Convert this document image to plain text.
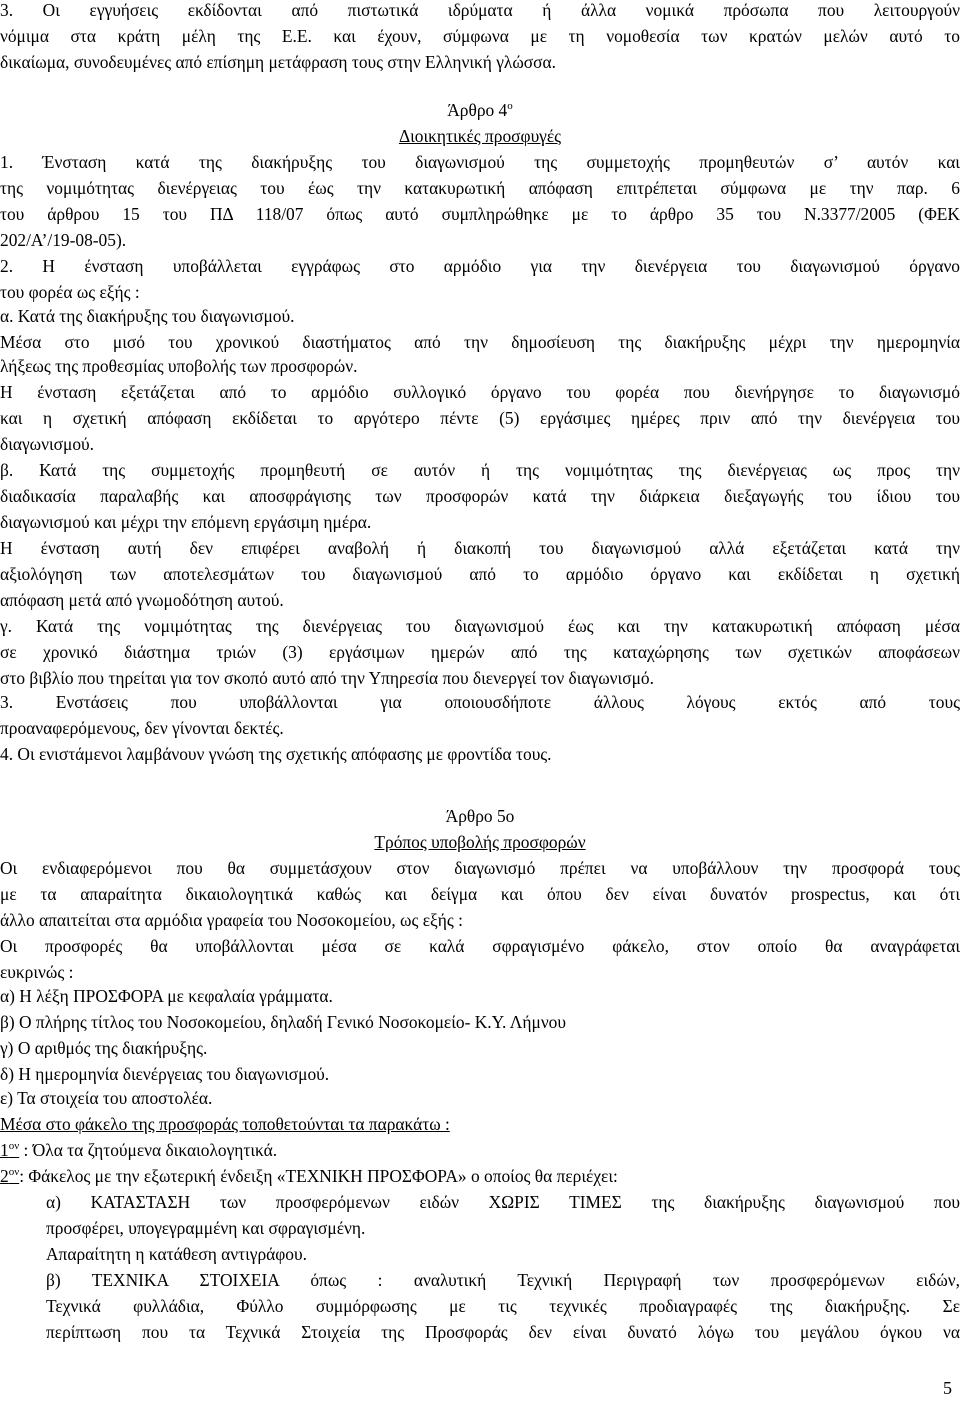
3. Οι εγγυήσεις εκδίδονται από πιστωτικά ιδρύματα ή άλλα νομικά πρόσωπα που λειτουργούν
νόμιμα στα κράτη μέλη της Ε.Ε. και έχουν, σύμφωνα με τη νομοθεσία των κρατών μελών αυτό το
δικαίωμα, συνοδευμένες από επίσημη μετάφραση τους στην Ελληνική γλώσσα.
Άρθρο $4^o$
Διοικητικές προσφυγές
1. Ένσταση κατά της διακήρυξης του διαγωνισμού της συμμετοχής προμηθευτών σ’ αυτόν και
της νομιμότητας διενέργειας του έως την κατακυρωτική απόφαση επιτρέπεται σύμφωνα με την παρ. 6
του άρθρου 15 του ΠΔ 118/07 όπως αυτό συμπληρώθηκε με το άρθρο 35 του Ν.3377/2005 (ΦΕΚ
202/Α’/19-08-05).
2. Η ένσταση υποβάλλεται εγγράφως στο αρμόδιο για την διενέργεια του διαγωνισμού όργανο
του φορέα ως εξής :
α. Κατά της διακήρυξης του διαγωνισμού.
Μέσα στο μισό του χρονικού διαστήματος από την δημοσίευση της διακήρυξης μέχρι την ημερομηνία
λήξεως της προθεσμίας υποβολής των προσφορών.
Η ένσταση εξετάζεται από το αρμόδιο συλλογικό όργανο του φορέα που διενήργησε το διαγωνισμό
και η σχετική απόφαση εκδίδεται το αργότερο πέντε (5) εργάσιμες ημέρες πριν από την διενέργεια του
διαγωνισμού.
β. Κατά της συμμετοχής προμηθευτή σε αυτόν ή της νομιμότητας της διενέργειας ως προς την
διαδικασία παραλαβής και αποσφράγισης των προσφορών κατά την διάρκεια διεξαγωγής του ίδιου του
διαγωνισμού και μέχρι την επόμενη εργάσιμη ημέρα.
Η ένσταση αυτή δεν επιφέρει αναβολή ή διακοπή του διαγωνισμού αλλά εξετάζεται κατά την
αξιολόγηση των αποτελεσμάτων του διαγωνισμού από το αρμόδιο όργανο και εκδίδεται η σχετική
απόφαση μετά από γνωμοδότηση αυτού.
γ. Κατά της νομιμότητας της διενέργειας του διαγωνισμού έως και την κατακυρωτική απόφαση μέσα
σε χρονικό διάστημα τριών (3) εργάσιμων ημερών από της καταχώρησης των σχετικών αποφάσεων
στο βιβλίο που τηρείται για τον σκοπό αυτό από την Υπηρεσία που διενεργεί τον διαγωνισμό.
3. Ενστάσεις που υποβάλλονται για οποιουσδήποτε άλλους λόγους εκτός από τους
προαναφερόμενους, δεν γίνονται δεκτές.
4. Οι ενιστάμενοι λαμβάνουν γνώση της σχετικής απόφασης με φροντίδα τους.
Άρθρο 5ο
Τρόπος υποβολής προσφορών
Οι ενδιαφερόμενοι που θα συμμετάσχουν στον διαγωνισμό πρέπει να υποβάλλουν την προσφορά τους
με τα απαραίτητα δικαιολογητικά καθώς και δείγμα και όπου δεν είναι δυνατόν prospectus, και ότι
άλλο απαιτείται στα αρμόδια γραφεία του Νοσοκομείου, ως εξής :
Οι προσφορές θα υποβάλλονται μέσα σε καλά σφραγισμένο φάκελο, στον οποίο θα αναγράφεται
ευκρινώς :
α) Η λέξη ΠΡΟΣΦΟΡΑ με κεφαλαία γράμματα.
β) Ο πλήρης τίτλος του Νοσοκομείου, δηλαδή Γενικό Νοσοκομείο- Κ.Υ. Λήμνου
γ) Ο αριθμός της διακήρυξης.
δ) Η ημερομηνία διενέργειας του διαγωνισμού.
ε) Τα στοιχεία του αποστολέα.
Μέσα στο φάκελο της προσφοράς τοποθετούνται τα παρακάτω :
$1^{o\nu}$ : Όλα τα ζητούμενα δικαιολογητικά.
$2^{o\nu}$: Φάκελος με την εξωτερική ένδειξη «ΤΕΧΝΙΚΗ ΠΡΟΣΦΟΡΑ» ο οποίος θα περιέχει:
α) ΚΑΤΑΣΤΑΣΗ των προσφερόμενων ειδών ΧΩΡΙΣ ΤΙΜΕΣ της διακήρυξης διαγωνισμού που
προσφέρει, υπογεγραμμένη και σφραγισμένη.
Απαραίτητη η κατάθεση αντιγράφου.
β) ΤΕΧΝΙΚΑ ΣΤΟΙΧΕΙΑ όπως : αναλυτική Τεχνική Περιγραφή των προσφερόμενων ειδών,
Τεχνικά φυλλάδια, Φύλλο συμμόρφωσης με τις τεχνικές προδιαγραφές της διακήρυξης. Σε
περίπτωση που τα Τεχνικά Στοιχεία της Προσφοράς δεν είναι δυνατό λόγω του μεγάλου όγκου να
5
